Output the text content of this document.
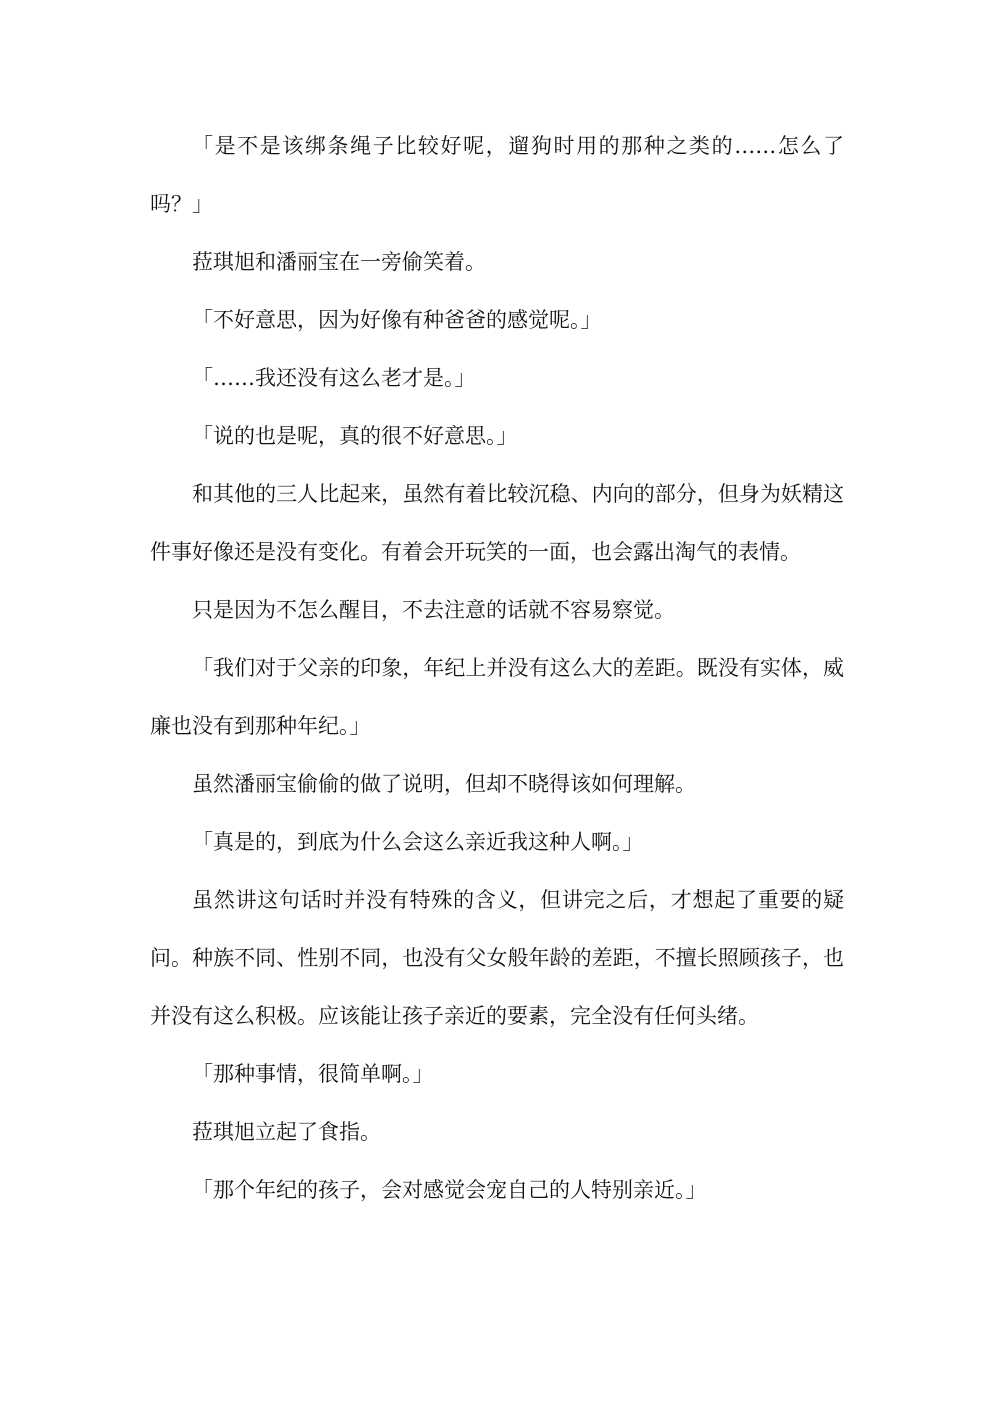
「是不是该绑条绳子比较好呢，遛狗时用的那种之类的……怎么了吗？」

菈琪旭和潘丽宝在一旁偷笑着。

「不好意思，因为好像有种爸爸的感觉呢。」

「……我还没有这么老才是。」

「说的也是呢，真的很不好意思。」

和其他的三人比起来，虽然有着比较沉稳、内向的部分，但身为妖精这件事好像还是没有变化。有着会开玩笑的一面，也会露出淘气的表情。

只是因为不怎么醒目，不去注意的话就不容易察觉。

「我们对于父亲的印象，年纪上并没有这么大的差距。既没有实体，威廉也没有到那种年纪。」

虽然潘丽宝偷偷的做了说明，但却不晓得该如何理解。

「真是的，到底为什么会这么亲近我这种人啊。」

虽然讲这句话时并没有特殊的含义，但讲完之后，才想起了重要的疑问。种族不同、性别不同，也没有父女般年龄的差距，不擅长照顾孩子，也并没有这么积极。应该能让孩子亲近的要素，完全没有任何头绪。

「那种事情，很简单啊。」

菈琪旭立起了食指。

「那个年纪的孩子，会对感觉会宠自己的人特别亲近。」
